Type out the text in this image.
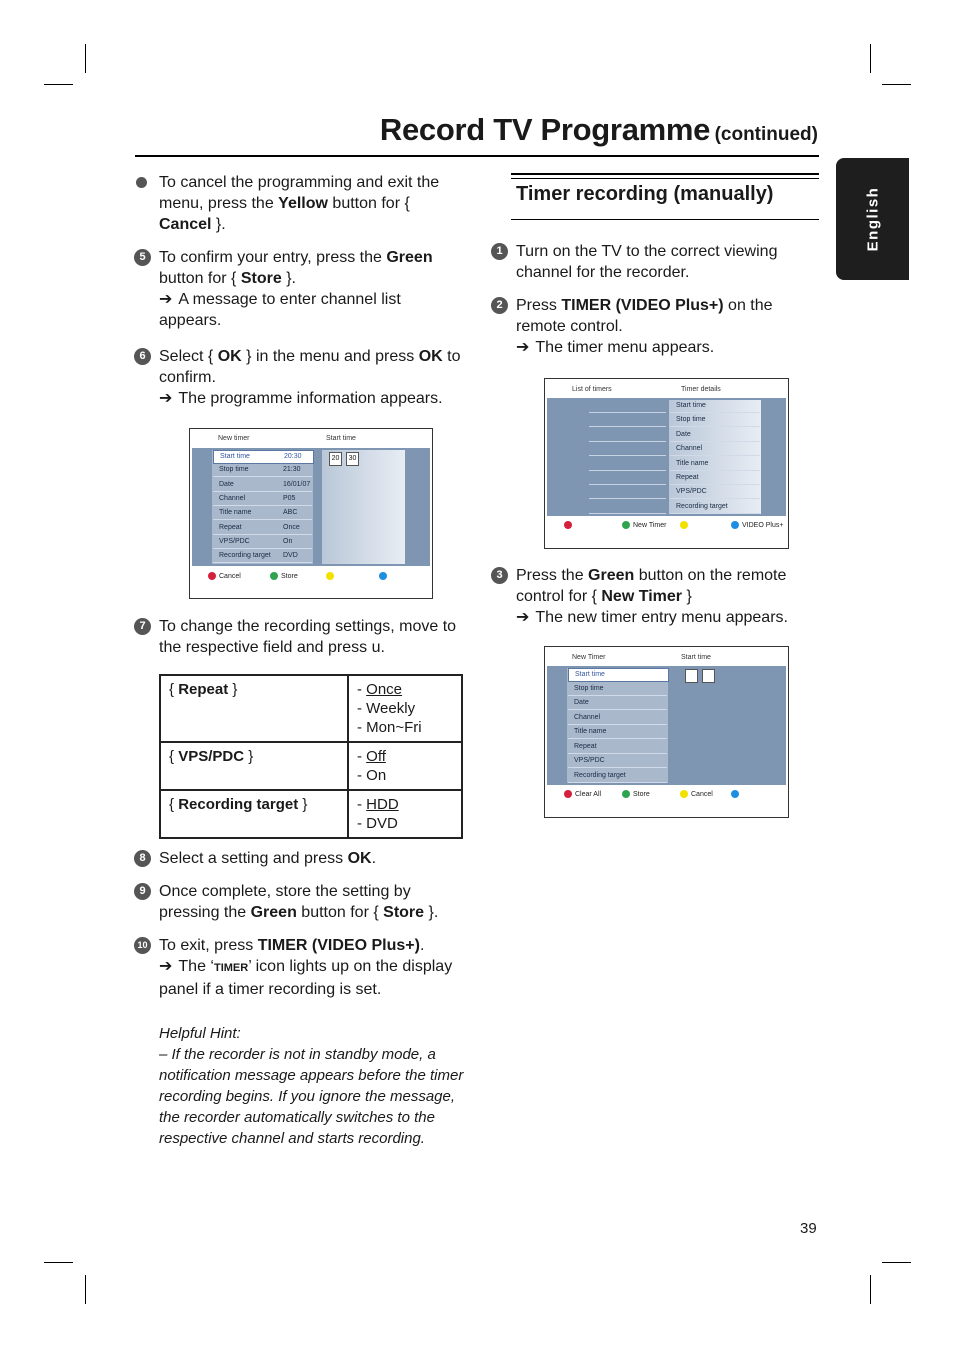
Record TV Programme (continued)
English
To cancel the programming and exit the menu, press the Yellow button for { Cancel }.
5 To confirm your entry, press the Green button for { Store }.
➔ A message to enter channel list appears.
6 Select { OK } in the menu and press OK to confirm.
➔ The programme information appears.
New timer	Start time
Start time	20:30
Stop time	21:30
Date	16/01/07
Channel	P05
Title name	ABC
Repeat	Once
VPS/PDC	On
Recording target DVD
20	30
Cancel	Store
7 To change the recording settings, move to the respective field and press u.
{ Repeat }	- Once
- Weekly
- Mon~Fri

{ VPS/PDC }	- Off
- On

{ Recording target }	- HDD
- DVD
8 Select a setting and press OK.
9 Once complete, store the setting by pressing the Green button for { Store }.
10 To exit, press TIMER (VIDEO Plus+).
➔ The ‘TIMER’ icon lights up on the display panel if a timer recording is set.
Helpful Hint:
– If the recorder is not in standby mode, a notification message appears before the timer recording begins. If you ignore the message, the recorder automatically switches to the respective channel and starts recording.
Timer recording (manually)
1 Turn on the TV to the correct viewing channel for the recorder.
2 Press TIMER (VIDEO Plus+) on the remote control.
➔ The timer menu appears.
List of timers	Timer details
Start time
Stop time
Date
Channel
Title name
Repeat
VPS/PDC
Recording target
New Timer	VIDEO Plus+
3 Press the Green button on the remote control for { New Timer }
➔ The new timer entry menu appears.
New Timer	Start time
Start time
Stop time
Date
Channel
Title name
Repeat
VPS/PDC
Recording target
Clear All	Store	Cancel
39
